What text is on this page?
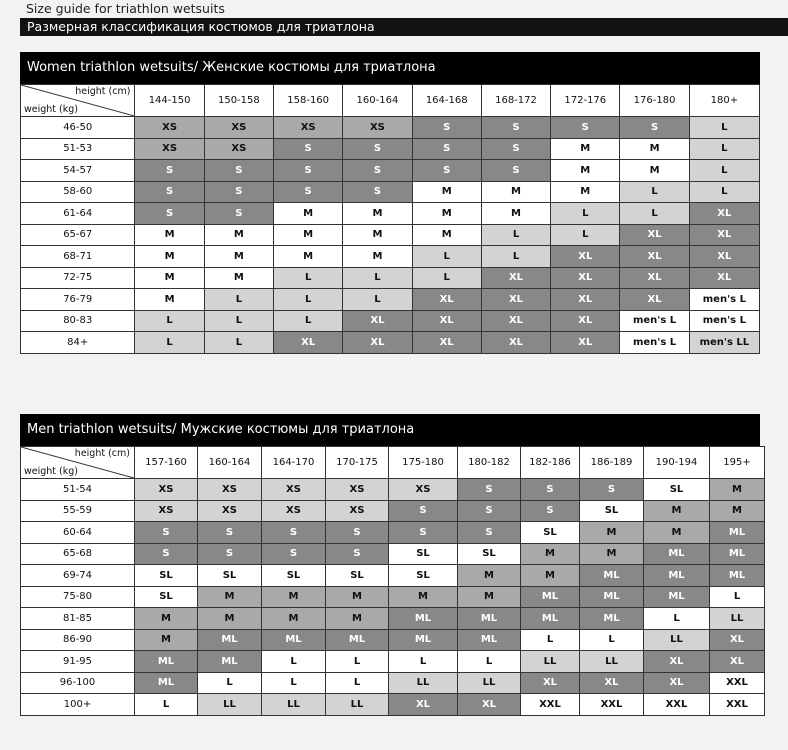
Size guide for triathlon wetsuits
Размерная классификация костюмов для триатлона
Women triathlon wetsuits/ Женские костюмы для триатлона
height (cm)
weight (kg)	144-150	150-158	158-160	160-164	164-168	168-172	172-176	176-180	180+
46-50	XS	XS	XS	XS	S	S	S	S	L
51-53	XS	XS	S	S	S	S	M	M	L
54-57	S	S	S	S	S	S	M	M	L
58-60	S	S	S	S	M	M	M	L	L
61-64	S	S	M	M	M	M	L	L	XL
65-67	M	M	M	M	M	L	L	XL	XL
68-71	M	M	M	M	L	L	XL	XL	XL
72-75	M	M	L	L	L	XL	XL	XL	XL
76-79	M	L	L	L	XL	XL	XL	XL	men's L
80-83	L	L	L	XL	XL	XL	XL	men's L	men's L
84+	L	L	XL	XL	XL	XL	XL	men's L	men's LL
Men triathlon wetsuits/ Мужские костюмы для триатлона
height (cm)
weight (kg)	157-160	160-164	164-170	170-175	175-180	180-182	182-186	186-189	190-194	195+
51-54	XS	XS	XS	XS	XS	S	S	S	SL	M
55-59	XS	XS	XS	XS	S	S	S	SL	M	M
60-64	S	S	S	S	S	S	SL	M	M	ML
65-68	S	S	S	S	SL	SL	M	M	ML	ML
69-74	SL	SL	SL	SL	SL	M	M	ML	ML	ML
75-80	SL	M	M	M	M	M	ML	ML	ML	L
81-85	M	M	M	M	ML	ML	ML	ML	L	LL
86-90	M	ML	ML	ML	ML	ML	L	L	LL	XL
91-95	ML	ML	L	L	L	L	LL	LL	XL	XL
96-100	ML	L	L	L	LL	LL	XL	XL	XL	XXL
100+	L	LL	LL	LL	XL	XL	XXL	XXL	XXL	XXL
